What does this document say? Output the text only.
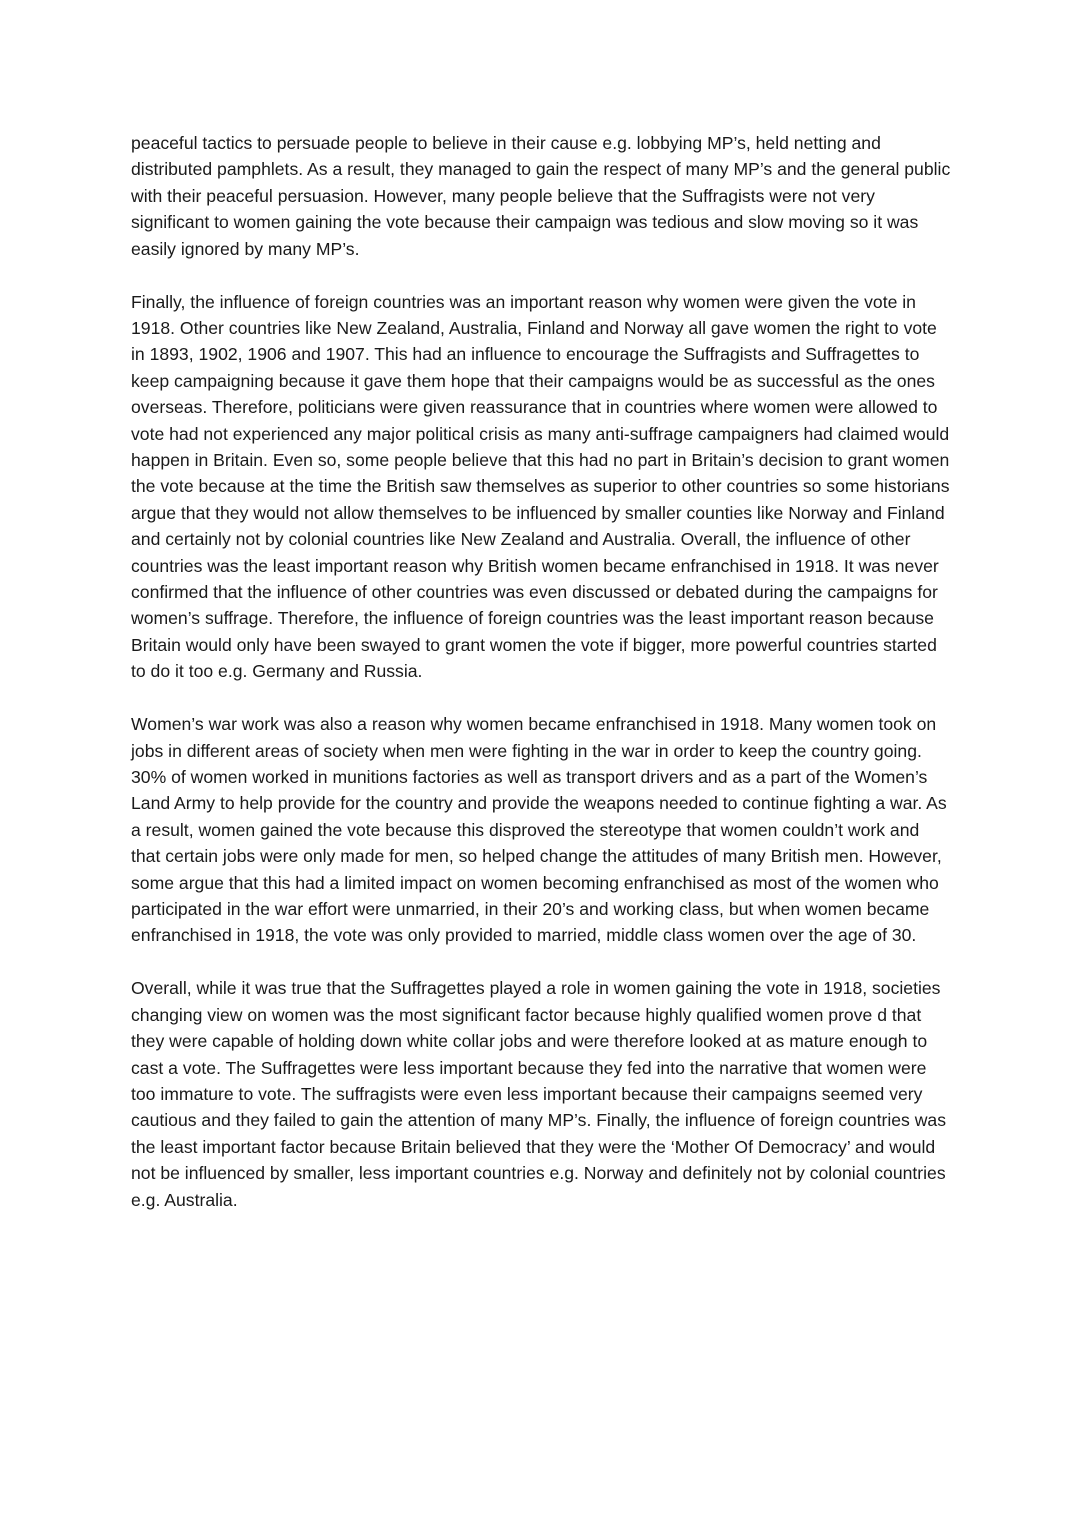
peaceful tactics to persuade people to believe in their cause e.g. lobbying MP’s, held netting and distributed pamphlets. As a result, they managed to gain the respect of many MP’s and the general public with their peaceful persuasion. However, many people believe that the Suffragists were not very significant to women gaining the vote because their campaign was tedious and slow moving so it was easily ignored by many MP’s.

Finally, the influence of foreign countries was an important reason why women were given the vote in 1918. Other countries like New Zealand, Australia, Finland and Norway all gave women the right to vote in 1893, 1902, 1906 and 1907. This had an influence to encourage the Suffragists and Suffragettes to keep campaigning because it gave them hope that their campaigns would be as successful as the ones overseas. Therefore, politicians were given reassurance that in countries where women were allowed to vote had not experienced any major political crisis as many anti-suffrage campaigners had claimed would happen in Britain. Even so, some people believe that this had no part in Britain’s decision to grant women the vote because at the time the British saw themselves as superior to other countries so some historians argue that they would not allow themselves to be influenced by smaller counties like Norway and Finland and certainly not by colonial countries like New Zealand and Australia. Overall, the influence of other countries was the least important reason why British women became enfranchised in 1918. It was never confirmed that the influence of other countries was even discussed or debated during the campaigns for women’s suffrage. Therefore, the influence of foreign countries was the least important reason because Britain would only have been swayed to grant women the vote if bigger, more powerful countries started to do it too e.g. Germany and Russia.

Women’s war work was also a reason why women became enfranchised in 1918. Many women took on jobs in different areas of society when men were fighting in the war in order to keep the country going. 30% of women worked in munitions factories as well as transport drivers and as a part of the Women’s Land Army to help provide for the country and provide the weapons needed to continue fighting a war. As a result, women gained the vote because this disproved the stereotype that women couldn’t work and that certain jobs were only made for men, so helped change the attitudes of many British men. However, some argue that this had a limited impact on women becoming enfranchised as most of the women who participated in the war effort were unmarried, in their 20’s and working class, but when women became enfranchised in 1918, the vote was only provided to married, middle class women over the age of 30.

Overall, while it was true that the Suffragettes played a role in women gaining the vote in 1918, societies changing view on women was the most significant factor because highly qualified women prove d that they were capable of holding down white collar jobs and were therefore looked at as mature enough to cast a vote. The Suffragettes were less important because they fed into the narrative that women were too immature to vote. The suffragists were even less important because their campaigns seemed very cautious and they failed to gain the attention of many MP’s. Finally, the influence of foreign countries was the least important factor because Britain believed that they were the ‘Mother Of Democracy’ and would not be influenced by smaller, less important countries e.g. Norway and definitely not by colonial countries e.g. Australia.
